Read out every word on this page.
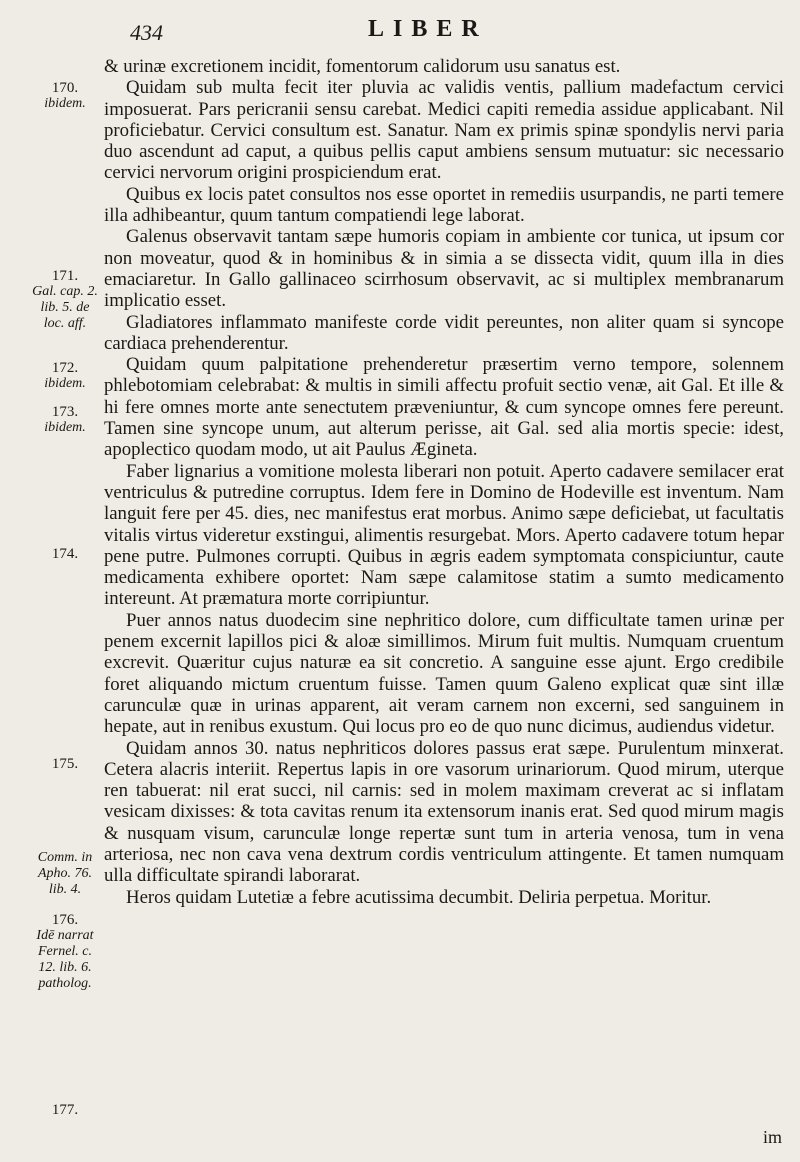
434	LIBER

& urinæ excretionem incidit, fomentorum calidorum usu sanatus est.

Quidam sub multa fecit iter pluvia ac validis ventis, pallium madefactum cervici imposuerat. Pars pericranii sensu carebat. Medici capiti remedia assidue applicabant. Nil proficiebatur. Cervici consultum est. Sanatur. Nam ex primis spinæ spondylis nervi paria duo ascendunt ad caput, a quibus pellis caput ambiens sensum mutuatur: sic necessario cervici nervorum origini prospiciendum erat.

Quibus ex locis patet consultos nos esse oportet in remediis usurpandis, ne parti temere illa adhibeantur, quum tantum compatiendi lege laborat.

Galenus observavit tantam sæpe humoris copiam in ambiente cor tunica, ut ipsum cor non moveatur, quod & in hominibus & in simia a se dissecta vidit, quum illa in dies emaciaretur. In Gallo gallinaceo scirrhosum observavit, ac si multiplex membranarum implicatio esset.

Gladiatores inflammato manifeste corde vidit pereuntes, non aliter quam si syncope cardiaca prehenderentur.

Quidam quum palpitatione prehenderetur præsertim verno tempore, solennem phlebotomiam celebrabat: & multis in simili affectu profuit sectio venæ, ait Gal. Et ille & hi fere omnes morte ante senectutem præveniuntur, & cum syncope omnes fere pereunt. Tamen sine syncope unum, aut alterum perisse, ait Gal. sed alia mortis specie: idest, apoplectico quodam modo, ut ait Paulus Ægineta.

Faber lignarius a vomitione molesta liberari non potuit. Aperto cadavere semilacer erat ventriculus & putredine corruptus. Idem fere in Domino de Hodeville est inventum. Nam languit fere per 45. dies, nec manifestus erat morbus. Animo sæpe deficiebat, ut facultatis vitalis virtus videretur exstingui, alimentis resurgebat. Mors. Aperto cadavere totum hepar pene putre. Pulmones corrupti. Quibus in ægris eadem symptomata conspiciuntur, caute medicamenta exhibere oportet: Nam sæpe calamitose statim a sumto medicamento intereunt. At præmatura morte corripiuntur.

Puer annos natus duodecim sine nephritico dolore, cum difficultate tamen urinæ per penem excernit lapillos pici & aloæ simillimos. Mirum fuit multis. Numquam cruentum excrevit. Quæritur cujus naturæ ea sit concretio. A sanguine esse ajunt. Ergo credibile foret aliquando mictum cruentum fuisse. Tamen quum Galeno explicat quæ sint illæ carunculæ quæ in urinas apparent, ait veram carnem non excerni, sed sanguinem in hepate, aut in renibus exustum. Qui locus pro eo de quo nunc dicimus, audiendus videtur.

Quidam annos 30. natus nephriticos dolores passus erat sæpe. Purulentum minxerat. Cetera alacris interiit. Repertus lapis in ore vasorum urinariorum. Quod mirum, uterque ren tabuerat: nil erat succi, nil carnis: sed in molem maximam creverat ac si inflatam vesicam dixisses: & tota cavitas renum ita extensorum inanis erat. Sed quod mirum magis & nusquam visum, carunculæ longe repertæ sunt tum in arteria venosa, tum in vena arteriosa, nec non cava vena dextrum cordis ventriculum attingente. Et tamen numquam ulla difficultate spirandi laborarat.

Heros quidam Lutetiæ a febre acutissima decumbit. Deliria perpetua. Moritur.

170.
ibidem.
171.
Gal. cap. 2. lib. 5. de loc. aff.
172.
ibidem.
173.
ibidem.
174.
175.
Comm. in Apho. 76. lib. 4.
176.
Idē narrat Fernel. c. 12. lib. 6. patholog.
177.
im
